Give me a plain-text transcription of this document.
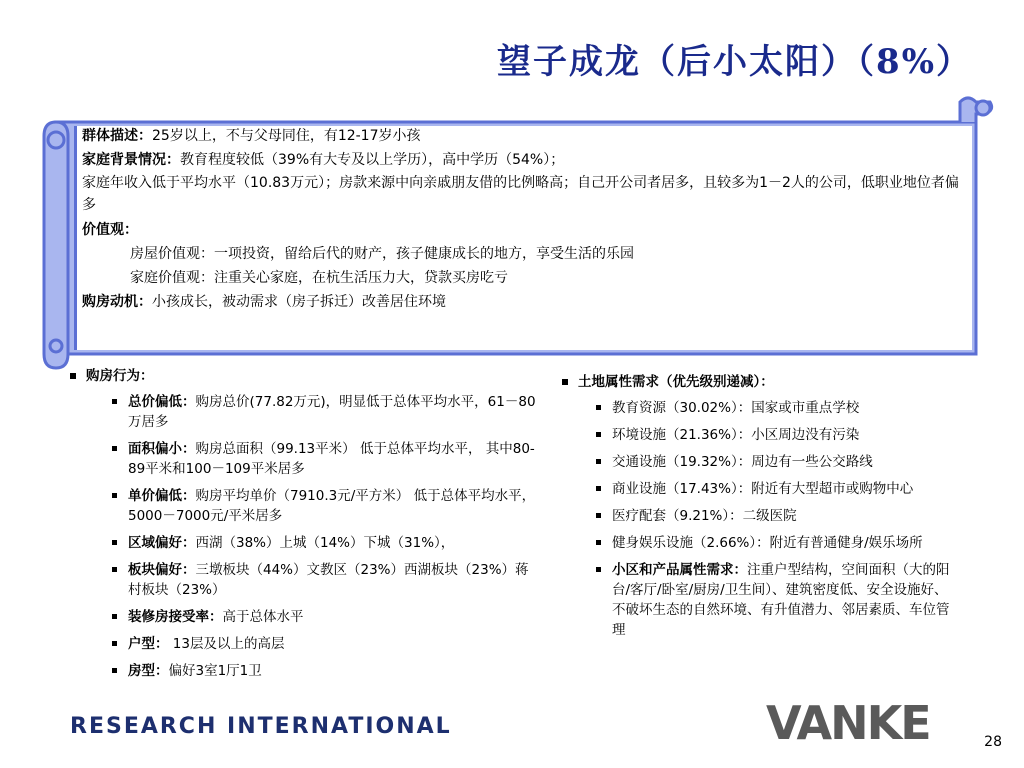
望子成龙（后小太阳）（8%）
群体描述：25岁以上，不与父母同住，有12-17岁小孩
家庭背景情况：教育程度较低（39%有大专及以上学历），高中学历（54%）；
家庭年收入低于平均水平（10.83万元）；房款来源中向亲戚朋友借的比例略高；自己开公司者居多，且较多为1－2人的公司，低职业地位者偏多
价值观：
房屋价值观：一项投资，留给后代的财产，孩子健康成长的地方，享受生活的乐园
家庭价值观：注重关心家庭，在杭生活压力大，贷款买房吃亏
购房动机：小孩成长，被动需求（房子拆迁）改善居住环境
购房行为：
总价偏低：购房总价(77.82万元)，明显低于总体平均水平，61－80万居多
面积偏小：购房总面积（99.13平米） 低于总体平均水平， 其中80-89平米和100－109平米居多
单价偏低：购房平均单价（7910.3元/平方米） 低于总体平均水平，5000－7000元/平米居多
区域偏好：西湖（38%）上城（14%）下城（31%），
板块偏好：三墩板块（44%）文教区（23%）西湖板块（23%）蒋村板块（23%）
装修房接受率：高于总体水平
户型： 13层及以上的高层
房型：偏好3室1厅1卫
土地属性需求（优先级别递减）：
教育资源（30.02%）：国家或市重点学校
环境设施（21.36%）：小区周边没有污染
交通设施（19.32%）：周边有一些公交路线
商业设施（17.43%）：附近有大型超市或购物中心
医疗配套（9.21%）：二级医院
健身娱乐设施（2.66%）：附近有普通健身/娱乐场所
小区和产品属性需求：注重户型结构，空间面积（大的阳台/客厅/卧室/厨房/卫生间）、建筑密度低、安全设施好、不破坏生态的自然环境、有升值潜力、邻居素质、车位管理
RESEARCH INTERNATIONAL	VANKE	28
